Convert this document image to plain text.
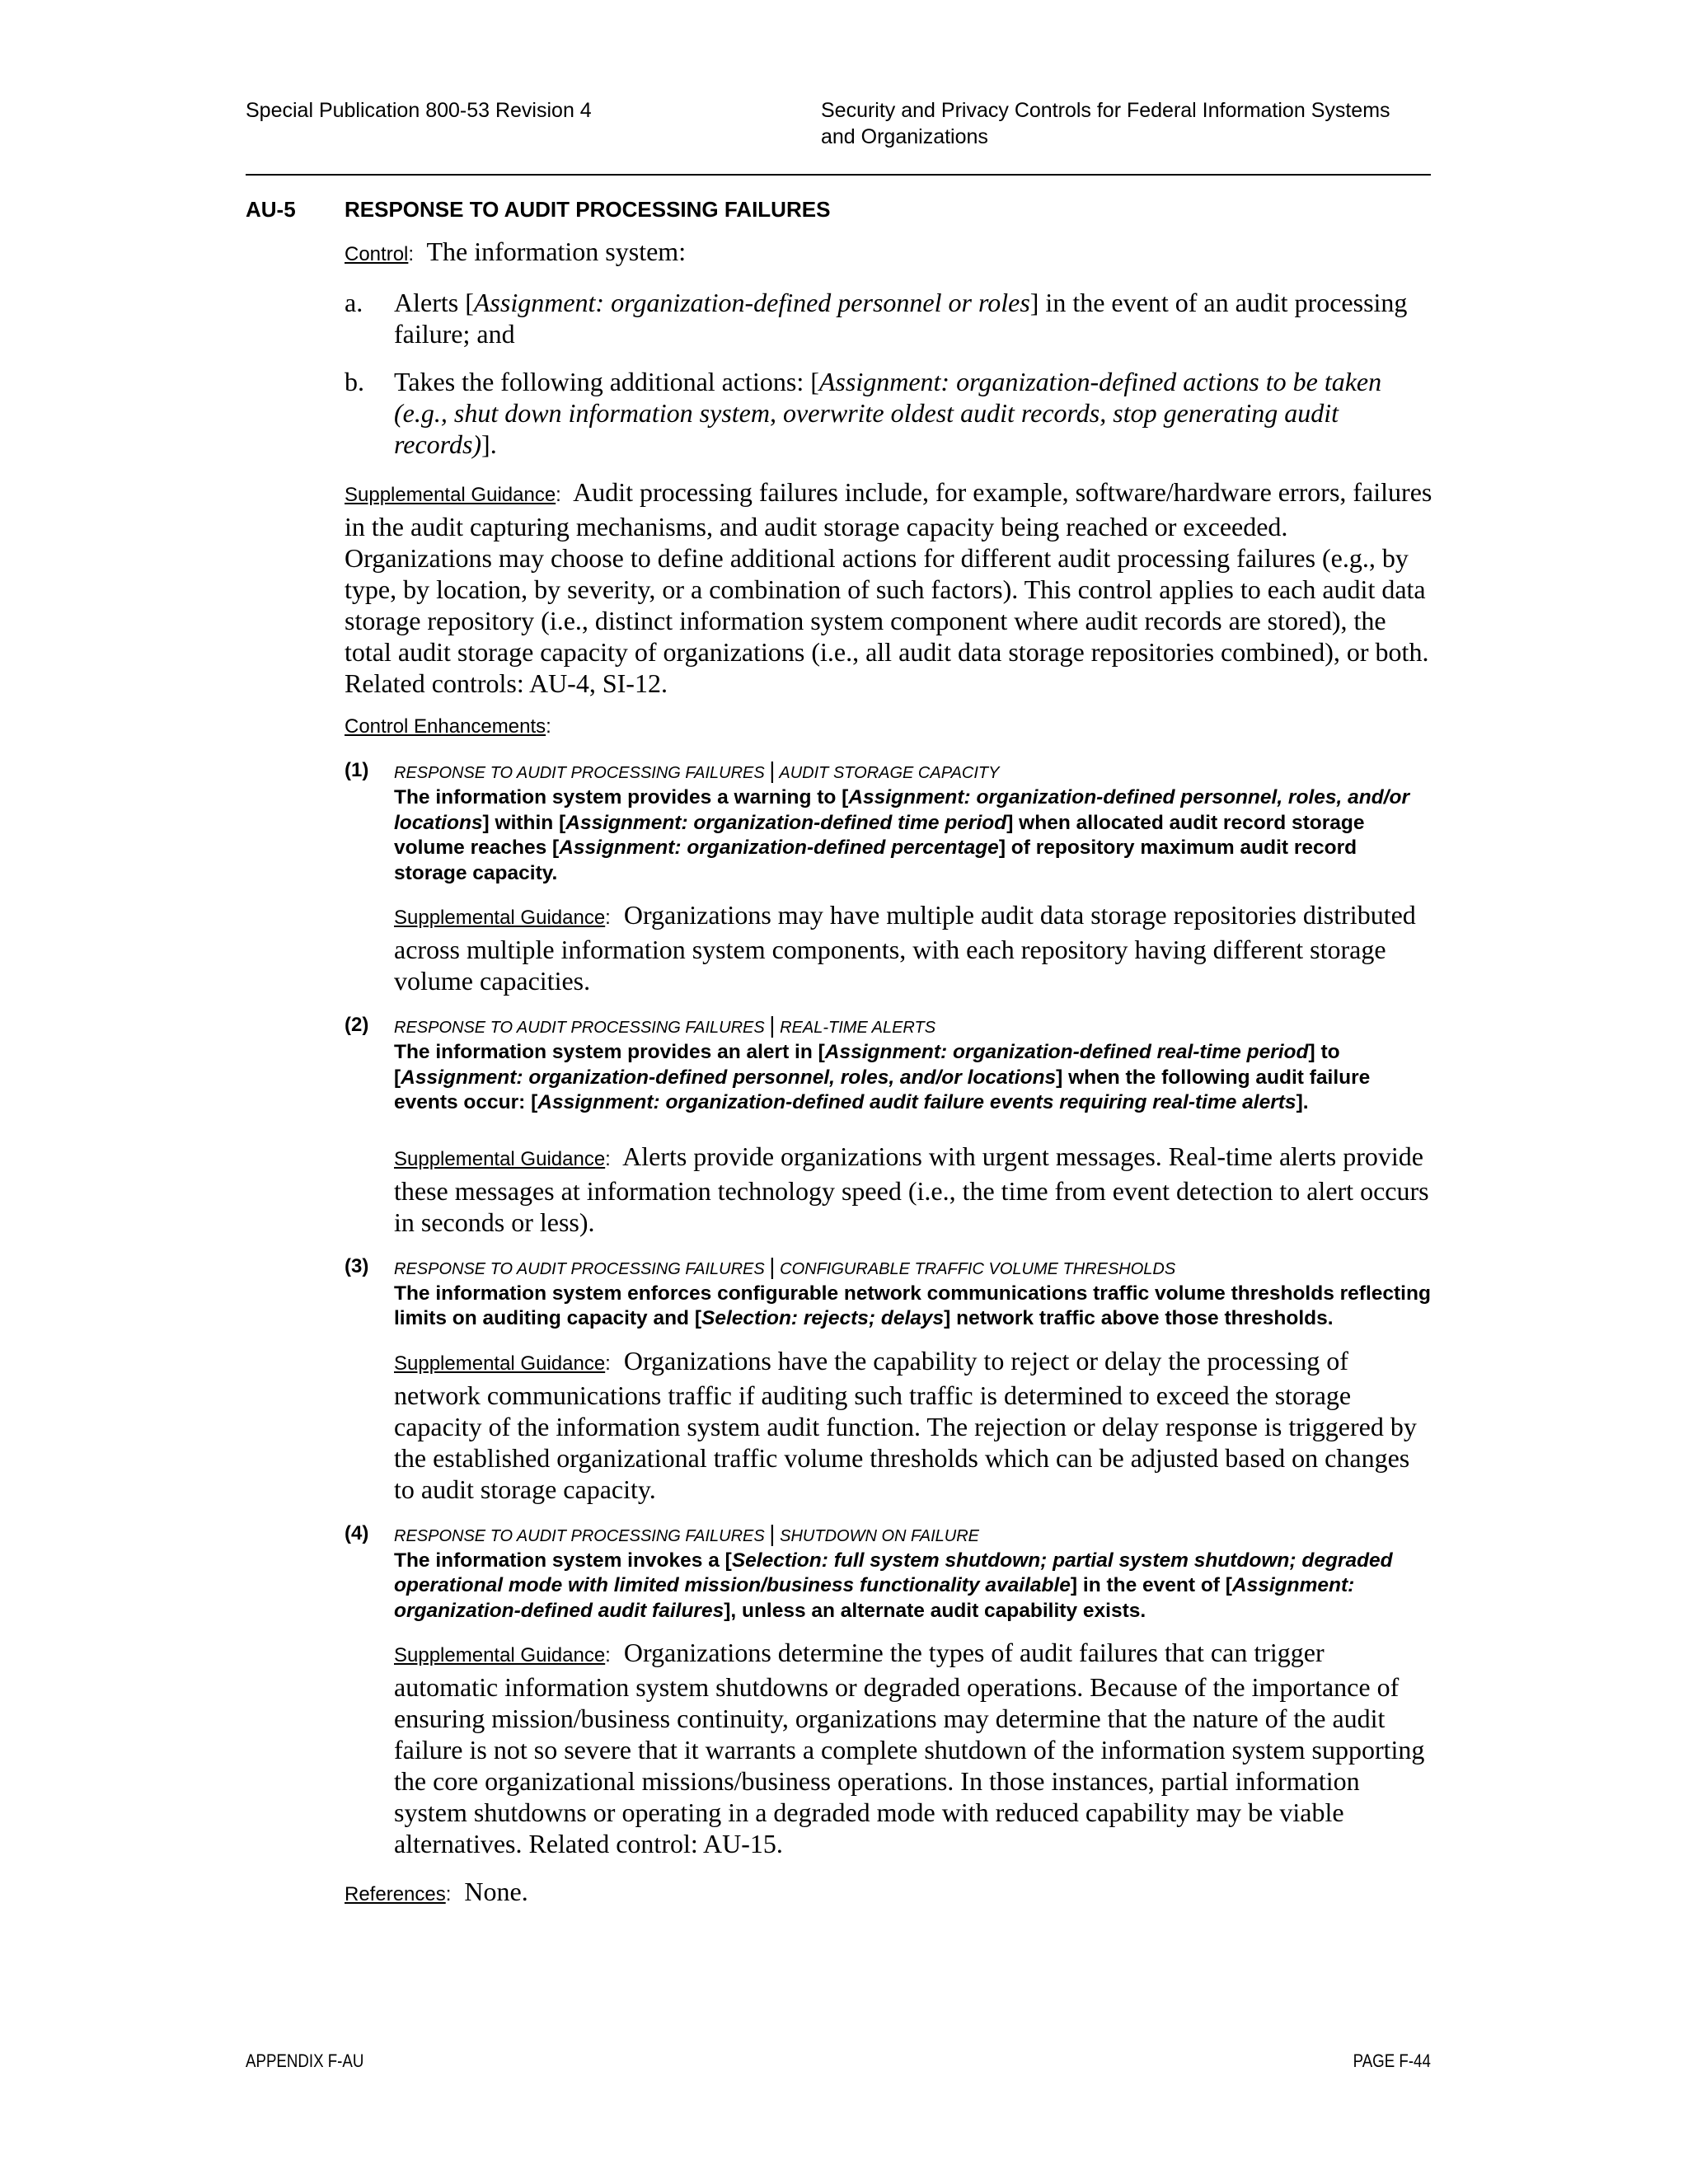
Special Publication 800-53 Revision 4	Security and Privacy Controls for Federal Information Systems
and Organizations
AU-5 RESPONSE TO AUDIT PROCESSING FAILURES

Control: The information system:

a.	Alerts [Assignment: organization-defined personnel or roles] in the event of an audit processing failure; and
b.	Takes the following additional actions: [Assignment: organization-defined actions to be taken (e.g., shut down information system, overwrite oldest audit records, stop generating audit records)].

Supplemental Guidance: Audit processing failures include, for example, software/hardware errors, failures in the audit capturing mechanisms, and audit storage capacity being reached or exceeded. Organizations may choose to define additional actions for different audit processing failures (e.g., by type, by location, by severity, or a combination of such factors). This control applies to each audit data storage repository (i.e., distinct information system component where audit records are stored), the total audit storage capacity of organizations (i.e., all audit data storage repositories combined), or both. Related controls: AU-4, SI-12.

Control Enhancements:

(1) RESPONSE TO AUDIT PROCESSING FAILURES | AUDIT STORAGE CAPACITY
The information system provides a warning to [Assignment: organization-defined personnel, roles, and/or locations] within [Assignment: organization-defined time period] when allocated audit record storage volume reaches [Assignment: organization-defined percentage] of repository maximum audit record storage capacity.

Supplemental Guidance: Organizations may have multiple audit data storage repositories distributed across multiple information system components, with each repository having different storage volume capacities.

(2) RESPONSE TO AUDIT PROCESSING FAILURES | REAL-TIME ALERTS
The information system provides an alert in [Assignment: organization-defined real-time period] to [Assignment: organization-defined personnel, roles, and/or locations] when the following audit failure events occur: [Assignment: organization-defined audit failure events requiring real-time alerts].

Supplemental Guidance: Alerts provide organizations with urgent messages. Real-time alerts provide these messages at information technology speed (i.e., the time from event detection to alert occurs in seconds or less).

(3) RESPONSE TO AUDIT PROCESSING FAILURES | CONFIGURABLE TRAFFIC VOLUME THRESHOLDS
The information system enforces configurable network communications traffic volume thresholds reflecting limits on auditing capacity and [Selection: rejects; delays] network traffic above those thresholds.

Supplemental Guidance: Organizations have the capability to reject or delay the processing of network communications traffic if auditing such traffic is determined to exceed the storage capacity of the information system audit function. The rejection or delay response is triggered by the established organizational traffic volume thresholds which can be adjusted based on changes to audit storage capacity.

(4) RESPONSE TO AUDIT PROCESSING FAILURES | SHUTDOWN ON FAILURE
The information system invokes a [Selection: full system shutdown; partial system shutdown; degraded operational mode with limited mission/business functionality available] in the event of [Assignment: organization-defined audit failures], unless an alternate audit capability exists.

Supplemental Guidance: Organizations determine the types of audit failures that can trigger automatic information system shutdowns or degraded operations. Because of the importance of ensuring mission/business continuity, organizations may determine that the nature of the audit failure is not so severe that it warrants a complete shutdown of the information system supporting the core organizational missions/business operations. In those instances, partial information system shutdowns or operating in a degraded mode with reduced capability may be viable alternatives. Related control: AU-15.

References: None.

APPENDIX F-AU	PAGE F-44
